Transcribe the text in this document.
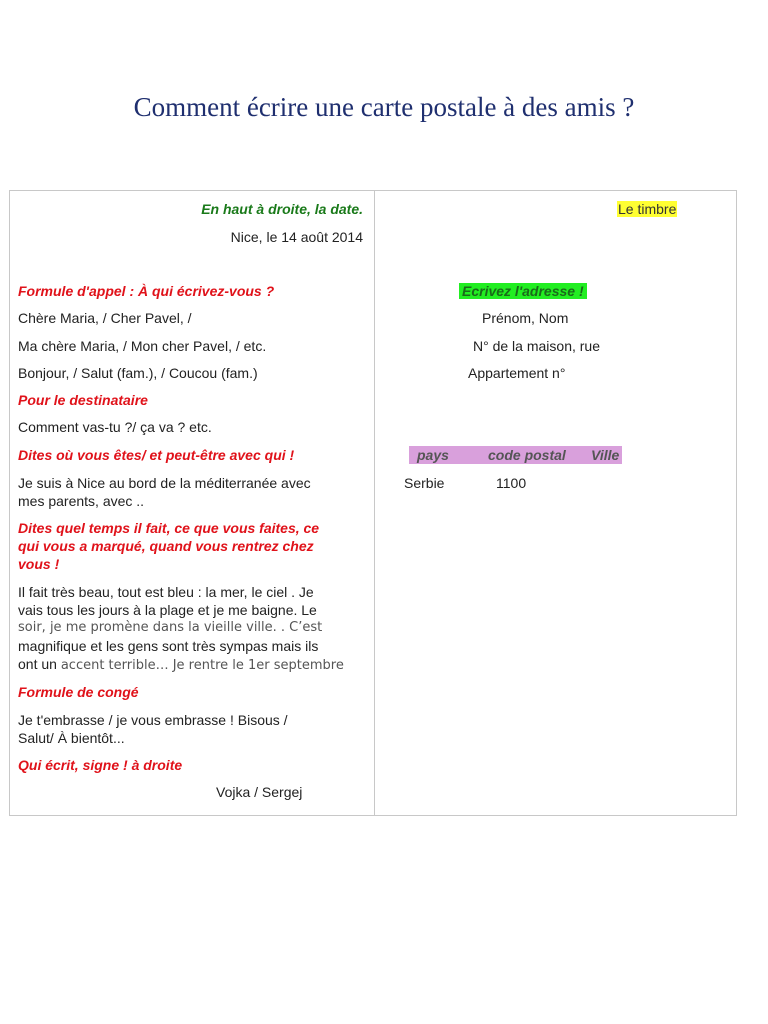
Comment écrire une carte postale à des amis ?
En haut à droite, la date.
Nice, le 14 août 2014
Formule d'appel : À qui écrivez-vous ?
Chère Maria, / Cher Pavel, /
Ma chère Maria, / Mon cher Pavel, / etc.
Bonjour, / Salut (fam.), / Coucou (fam.)
Pour le destinataire
Comment vas-tu ?/ ça va ? etc.
Dites où vous êtes/ et peut-être avec qui !
Je suis à Nice au bord de la méditerranée avec
mes parents, avec ..
Dites quel temps il fait, ce que vous faites, ce
qui vous a marqué, quand vous rentrez chez
vous !
Il fait très beau, tout est bleu : la mer, le ciel . Je
vais tous les jours à la plage et je me baigne. Le
soir, je me promène dans la vieille ville. . C’est
magnifique et les gens sont très sympas mais ils
ont un accent terrible… Je rentre le 1er septembre
Formule de congé
Je t'embrasse / je vous embrasse ! Bisous /
Salut/ À bientôt...
Qui écrit, signe ! à droite
Vojka / Sergej
Le timbre
Ecrivez l'adresse !
Prénom, Nom
N° de la maison, rue
Appartement n°
pays	code postal Ville
Serbie	1100
